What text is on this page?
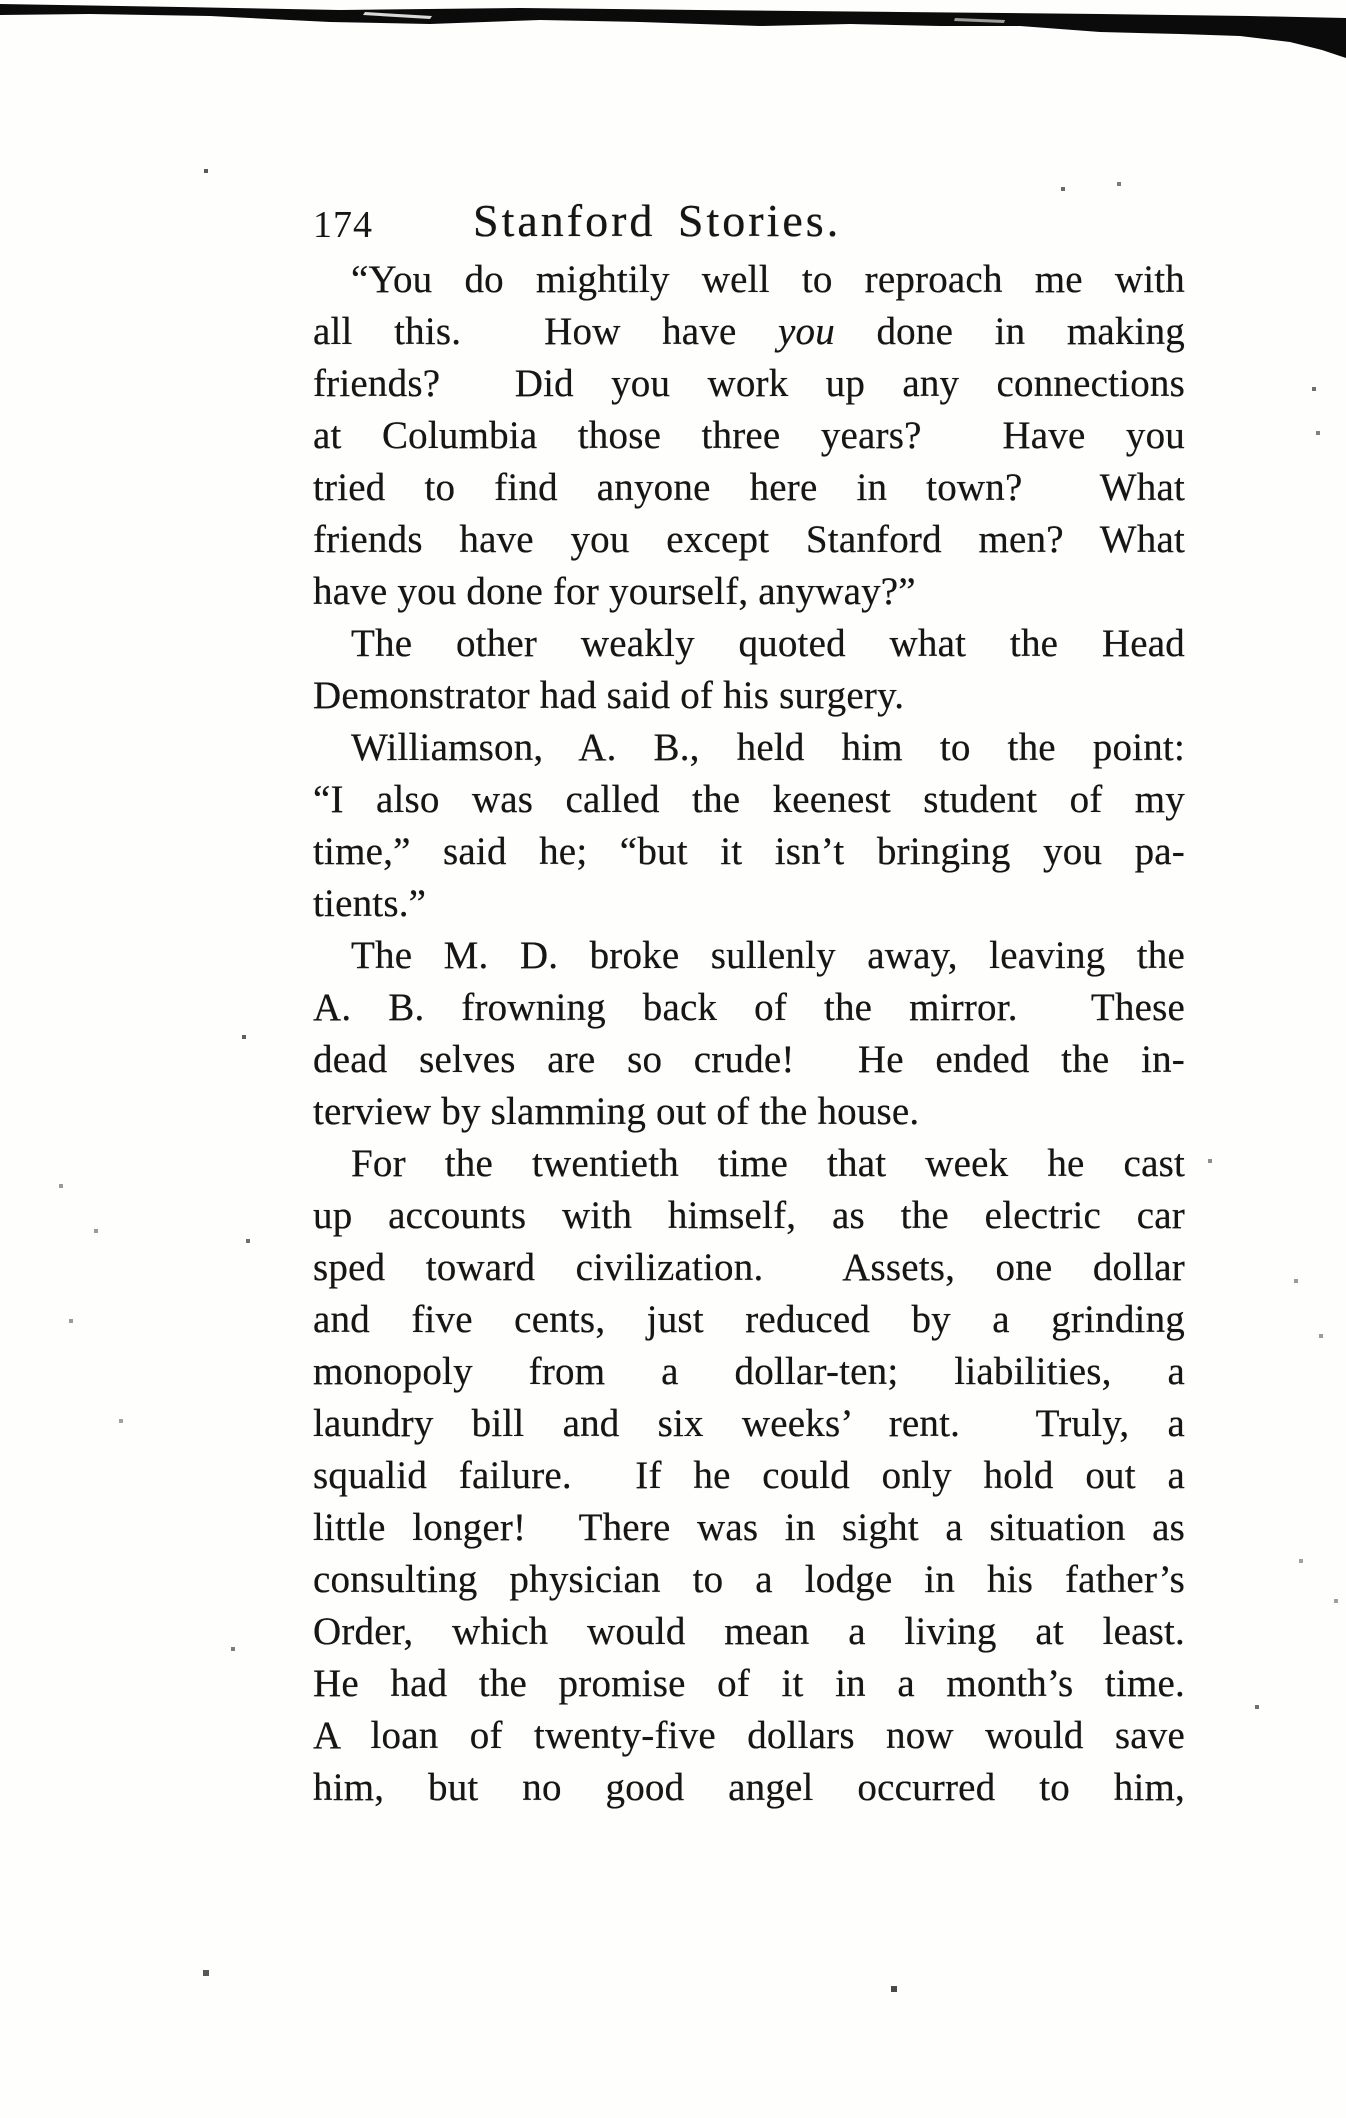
174 Stanford Stories.
“You do mightily well to reproach me with
all this.  How have you done in making
friends?  Did you work up any connections
at Columbia those three years?  Have you
tried to find anyone here in town?  What
friends have you except Stanford men? What
have you done for yourself, anyway?”
The other weakly quoted what the Head
Demonstrator had said of his surgery.
Williamson, A. B., held him to the point:
“I also was called the keenest student of my
time,” said he; “but it isn’t bringing you pa-
tients.”
The M. D. broke sullenly away, leaving the
A. B. frowning back of the mirror.  These
dead selves are so crude!  He ended the in-
terview by slamming out of the house.
For the twentieth time that week he cast
up accounts with himself, as the electric car
sped toward civilization.  Assets, one dollar
and five cents, just reduced by a grinding
monopoly from a dollar-ten; liabilities, a
laundry bill and six weeks’ rent.  Truly, a
squalid failure.  If he could only hold out a
little longer!  There was in sight a situation as
consulting physician to a lodge in his father’s
Order, which would mean a living at least.
He had the promise of it in a month’s time.
A loan of twenty-five dollars now would save
him, but no good angel occurred to him,
